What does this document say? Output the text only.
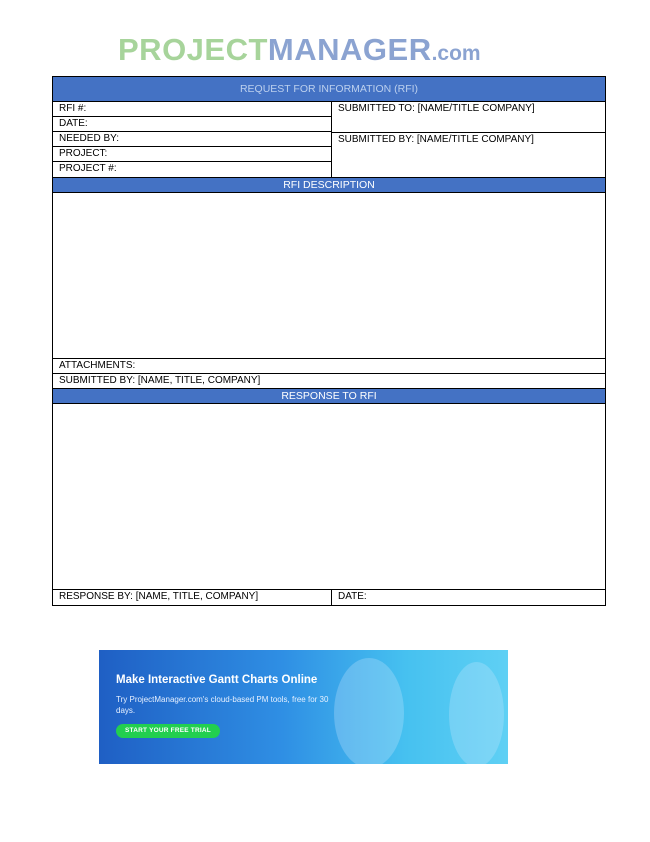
PROJECTMANAGER.com
REQUEST FOR INFORMATION (RFI)
RFI #:
DATE:
NEEDED BY:
PROJECT:
PROJECT #:
SUBMITTED TO: [NAME/TITLE COMPANY]
SUBMITTED BY: [NAME/TITLE COMPANY]
RFI DESCRIPTION
ATTACHMENTS:
SUBMITTED BY: [NAME, TITLE, COMPANY]
RESPONSE TO RFI
RESPONSE BY: [NAME, TITLE, COMPANY]	DATE:
Make Interactive Gantt Charts Online
Try ProjectManager.com's cloud-based PM tools, free for 30 days.
START YOUR FREE TRIAL
